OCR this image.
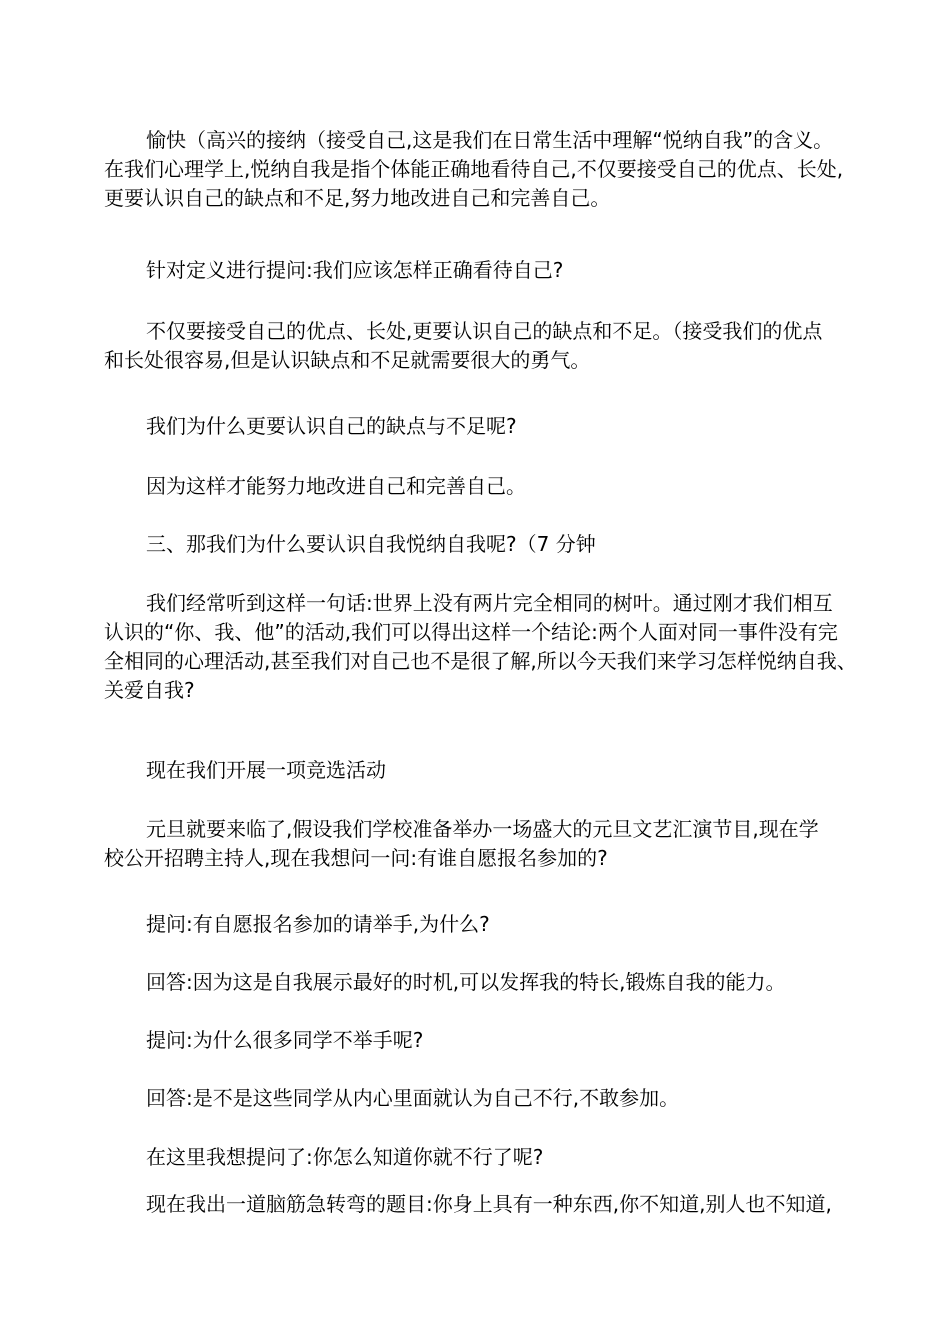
愉快（高兴的接纳（接受自己,这是我们在日常生活中理解“悦纳自我”的含义。
在我们心理学上,悦纳自我是指个体能正确地看待自己,不仅要接受自己的优点、长处,
更要认识自己的缺点和不足,努力地改进自己和完善自己。

针对定义进行提问:我们应该怎样正确看待自己?

不仅要接受自己的优点、长处,更要认识自己的缺点和不足。（接受我们的优点
和长处很容易,但是认识缺点和不足就需要很大的勇气。

我们为什么更要认识自己的缺点与不足呢?

因为这样才能努力地改进自己和完善自己。

三、那我们为什么要认识自我悦纳自我呢?（7 分钟

我们经常听到这样一句话:世界上没有两片完全相同的树叶。通过刚才我们相互
认识的“你、我、他”的活动,我们可以得出这样一个结论:两个人面对同一事件没有完
全相同的心理活动,甚至我们对自己也不是很了解,所以今天我们来学习怎样悦纳自我、
关爱自我?

现在我们开展一项竞选活动

元旦就要来临了,假设我们学校准备举办一场盛大的元旦文艺汇演节目,现在学
校公开招聘主持人,现在我想问一问:有谁自愿报名参加的?

提问:有自愿报名参加的请举手,为什么?

回答:因为这是自我展示最好的时机,可以发挥我的特长,锻炼自我的能力。

提问:为什么很多同学不举手呢?

回答:是不是这些同学从内心里面就认为自己不行,不敢参加。

在这里我想提问了:你怎么知道你就不行了呢?

现在我出一道脑筋急转弯的题目:你身上具有一种东西,你不知道,别人也不知道,
